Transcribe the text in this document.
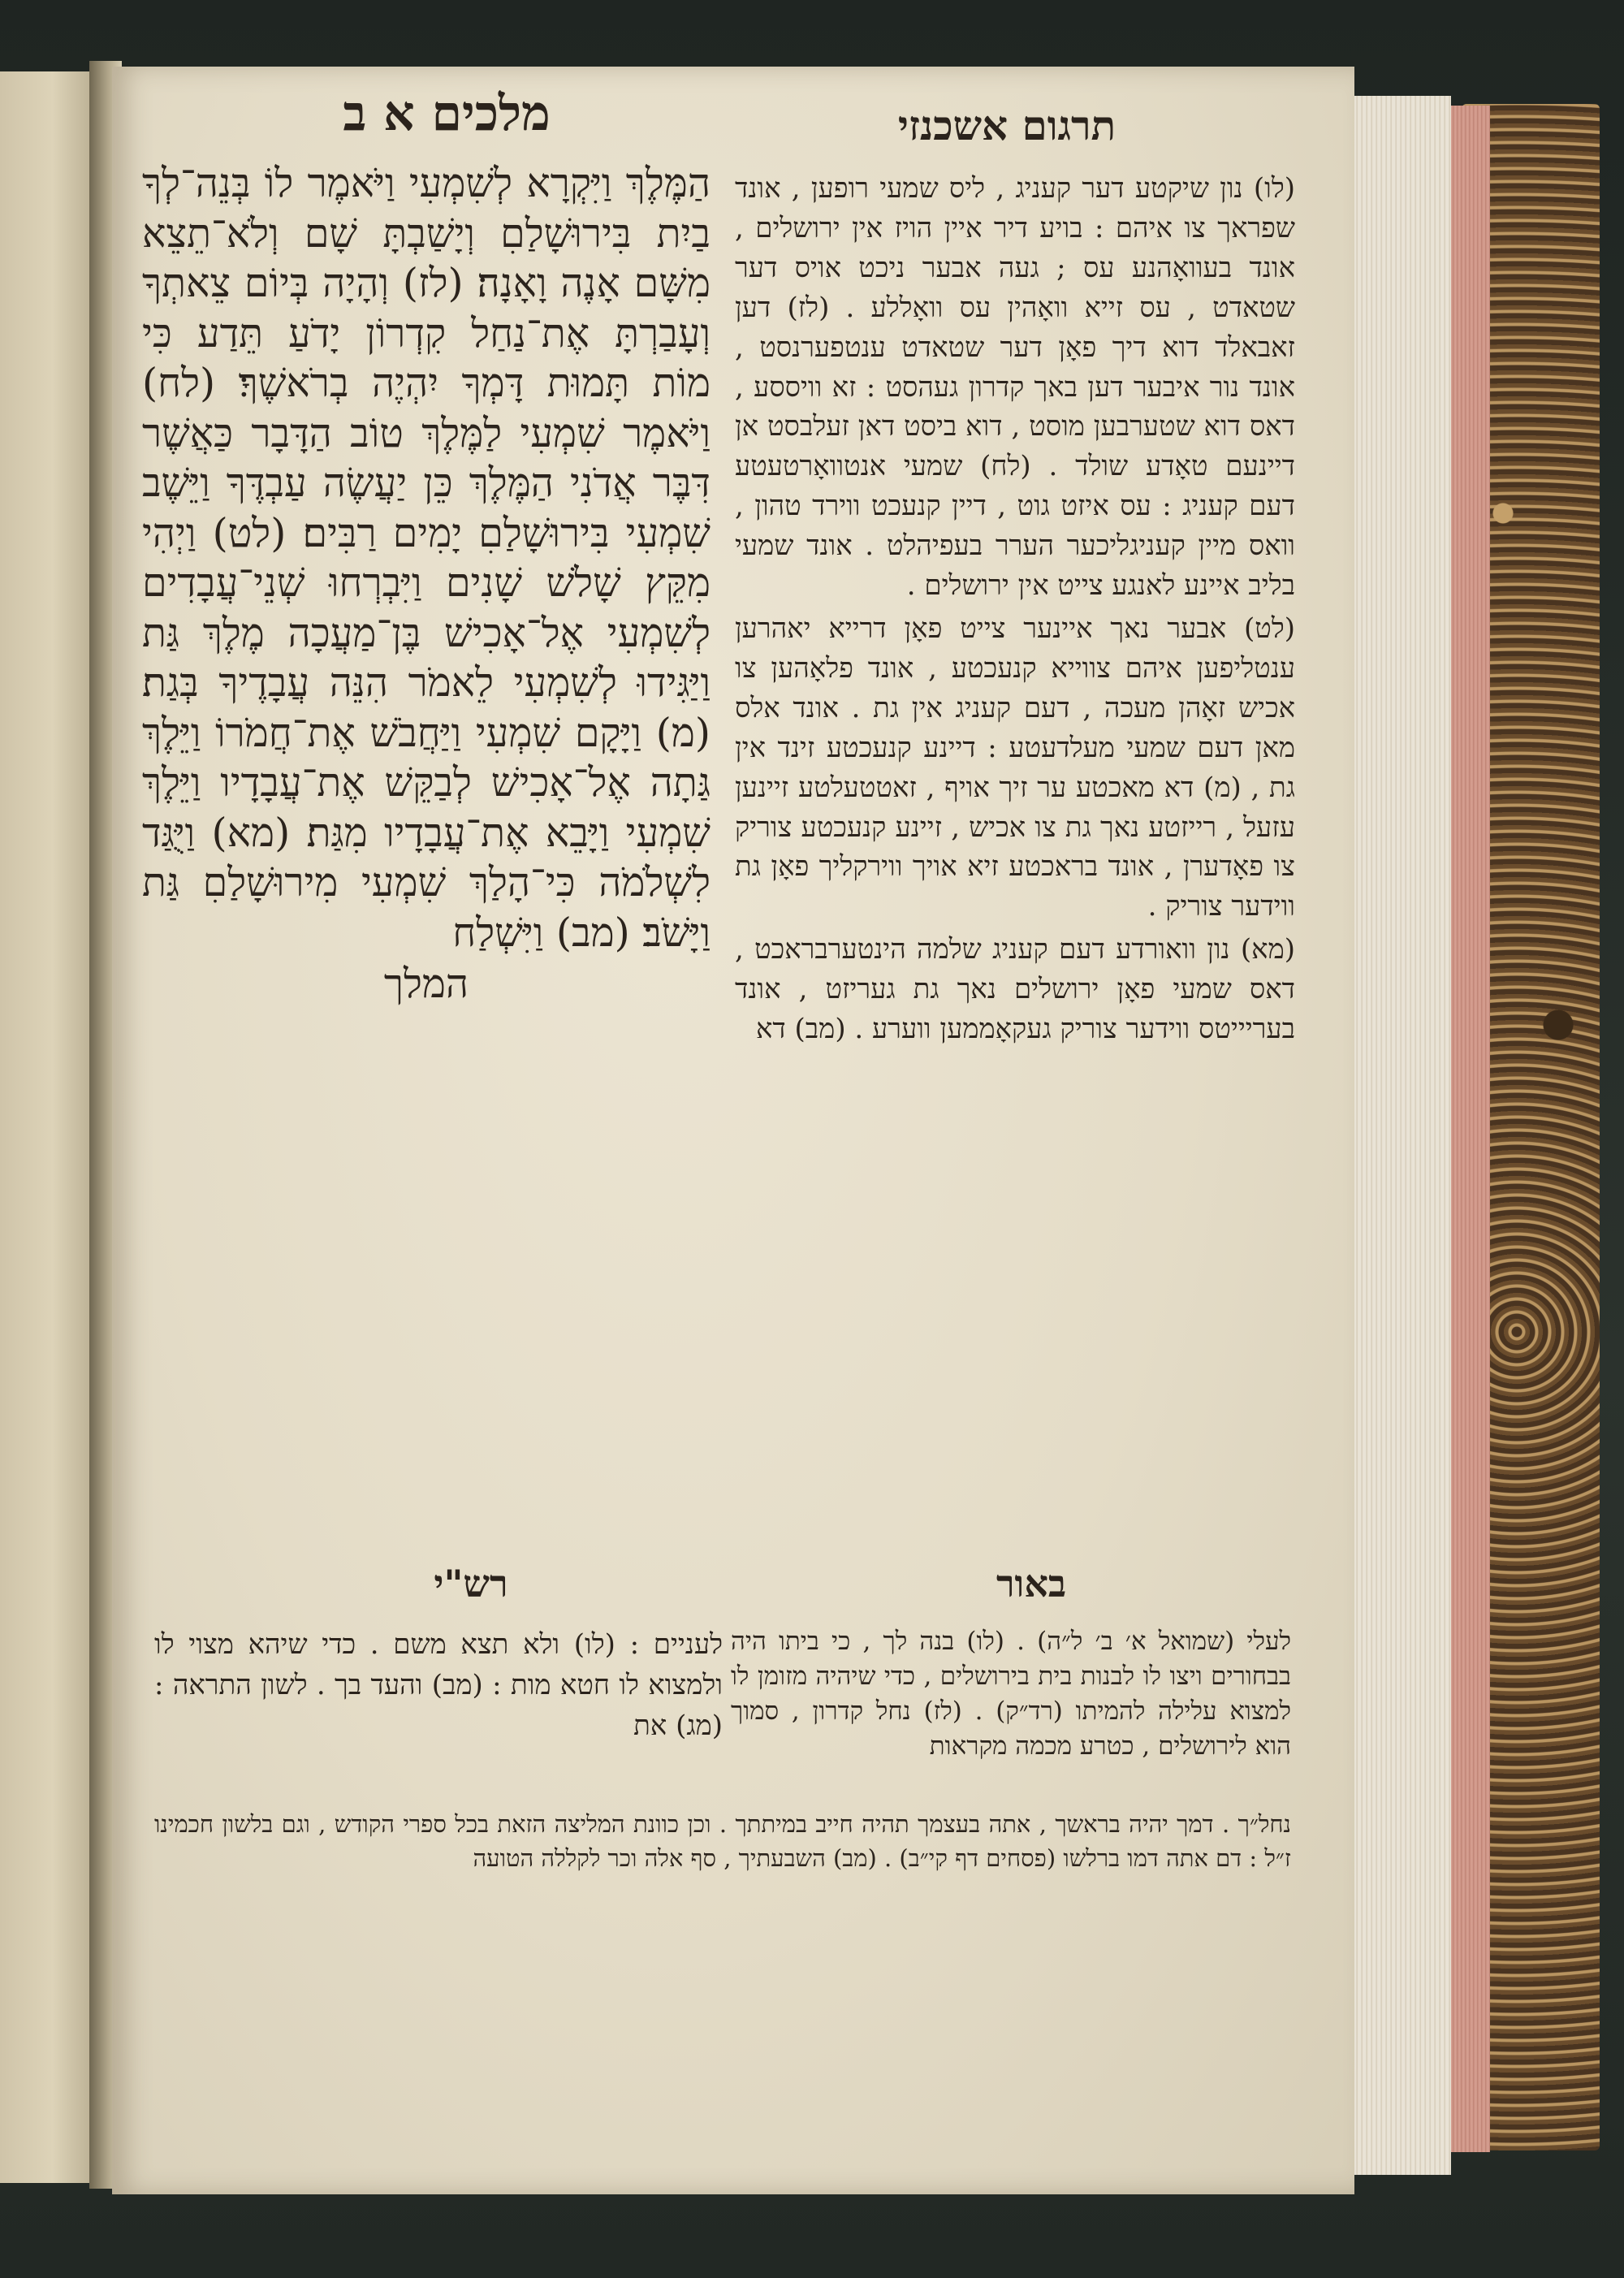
מלכים א ב	תרגום אשכנזי

הַמֶּלֶךְ וַיִּקְרָא לְשִׁמְעִי וַיֹּאמֶר לוֹ בְּנֵה־לְךָ בַיִת בִּירוּשָׁלַםִ וְיָשַׁבְתָּ שָׁם וְלֹא־תֵצֵא מִשָּׁם אָנֶה וָאָנָה׃ (לז) וְהָיָה בְּיוֹם צֵאתְךָ וְעָבַרְתָּ אֶת־נַחַל קִדְרוֹן יָדֹעַ תֵּדַע כִּי מוֹת תָּמוּת דָּמְךָ יִהְיֶה בְרֹאשֶׁךָ׃ (לח) וַיֹּאמֶר שִׁמְעִי לַמֶּלֶךְ טוֹב הַדָּבָר כַּאֲשֶׁר דִּבֶּר אֲדֹנִי הַמֶּלֶךְ כֵּן יַעֲשֶׂה עַבְדֶּךָ וַיֵּשֶׁב שִׁמְעִי בִּירוּשָׁלַםִ יָמִים רַבִּים׃ (לט) וַיְהִי מִקֵּץ שָׁלֹשׁ שָׁנִים וַיִּבְרְחוּ שְׁנֵי־עֲבָדִים לְשִׁמְעִי אֶל־אָכִישׁ בֶּן־מַעֲכָה מֶלֶךְ גַּת וַיַּגִּידוּ לְשִׁמְעִי לֵאמֹר הִנֵּה עֲבָדֶיךָ בְּגַת׃ (מ) וַיָּקָם שִׁמְעִי וַיַּחֲבֹשׁ אֶת־חֲמֹרוֹ וַיֵּלֶךְ גַּתָה אֶל־אָכִישׁ לְבַקֵּשׁ אֶת־עֲבָדָיו וַיֵּלֶךְ שִׁמְעִי וַיָּבֵא אֶת־עֲבָדָיו מִגַּת׃ (מא) וַיֻּגַּד לִשְׁלֹמֹה כִּי־הָלַךְ שִׁמְעִי מִירוּשָׁלַםִ גַּת וַיָּשֹׁב׃ (מב) וַיִּשְׁלַח

המלך

(לו) נון שיקטע דער קעניג , ליס שמעי רופען , אונד שפראך צו איהם : בויע דיר איין הויז אין ירושלים , אונד בעוואָהנע עס ; געה אבער ניכט אויס דער שטאדט , עס זייא וואָהין עס וואָללע . (לז) דען זאבאלד דוא דיך פאָן דער שטאדט ענטפערנסט , אונד נור איבער דען באך קדרון געהסט : זא וויססע , דאס דוא שטערבען מוסט , דוא ביסט דאן זעלבסט אן דיינעם טאָדע שולד . (לח) שמעי אנטוואָרטעטע דעם קעניג : עס איזט גוט , דיין קנעכט ווירד טהון , וואס מיין קעניגליכער הערר בעפיהלט . אונד שמעי בליב איינע לאנגע צייט אין ירושלים .

(לט) אבער נאך איינער צייט פאָן דרייא יאהרען ענטליפען איהם צווייא קנעכטע , אונד פלאָהען צו אכיש זאָהן מעכה , דעם קעניג אין גת . אונד אלס מאן דעם שמעי מעלדעטע : דיינע קנעכטע זינד אין גת , (מ) דא מאכטע ער זיך אויף , זאטטעלטע זיינען עזעל , רייזטע נאך גת צו אכיש , זיינע קנעכטע צוריק צו פאָדערן , אונד בראכטע זיא אויך ווירקליך פאָן גת ווידער צוריק .

(מא) נון וואורדע דעם קעניג שלמה הינטערבראכט , דאס שמעי פאָן ירושלים נאך גת געריזט , אונד בעריייטס ווידער צוריק געקאָממען ווערע . (מב) דא

רש"י	באור

לעניים : (לו) ולא תצא משם . כדי שיהא מצוי לו ולמצוא לו חטא מות : (מב) והעד בך . לשון התראה : (מג) את

לעלי (שמואל א׳ ב׳ ל״ה) . (לו) בנה לך , כי ביתו היה בבחורים ויצו לו לבנות בית בירושלים , כדי שיהיה מזומן לו למצוא עלילה להמיתו (רד״ק) . (לז) נחל קדרון , סמוך הוא לירושלים , כטרע מכמה מקראות

נחל״ך . דמך יהיה בראשך , אתה בעצמך תהיה חייב במיתתך . וכן כוונת המליצה הזאת בכל ספרי הקודש , וגם בלשון חכמינו ז״ל : דם אתה דמו ברלשו (פסחים דף קי״ב) . (מב) השבעתיך , סף אלה וכר לקללה הטועה
